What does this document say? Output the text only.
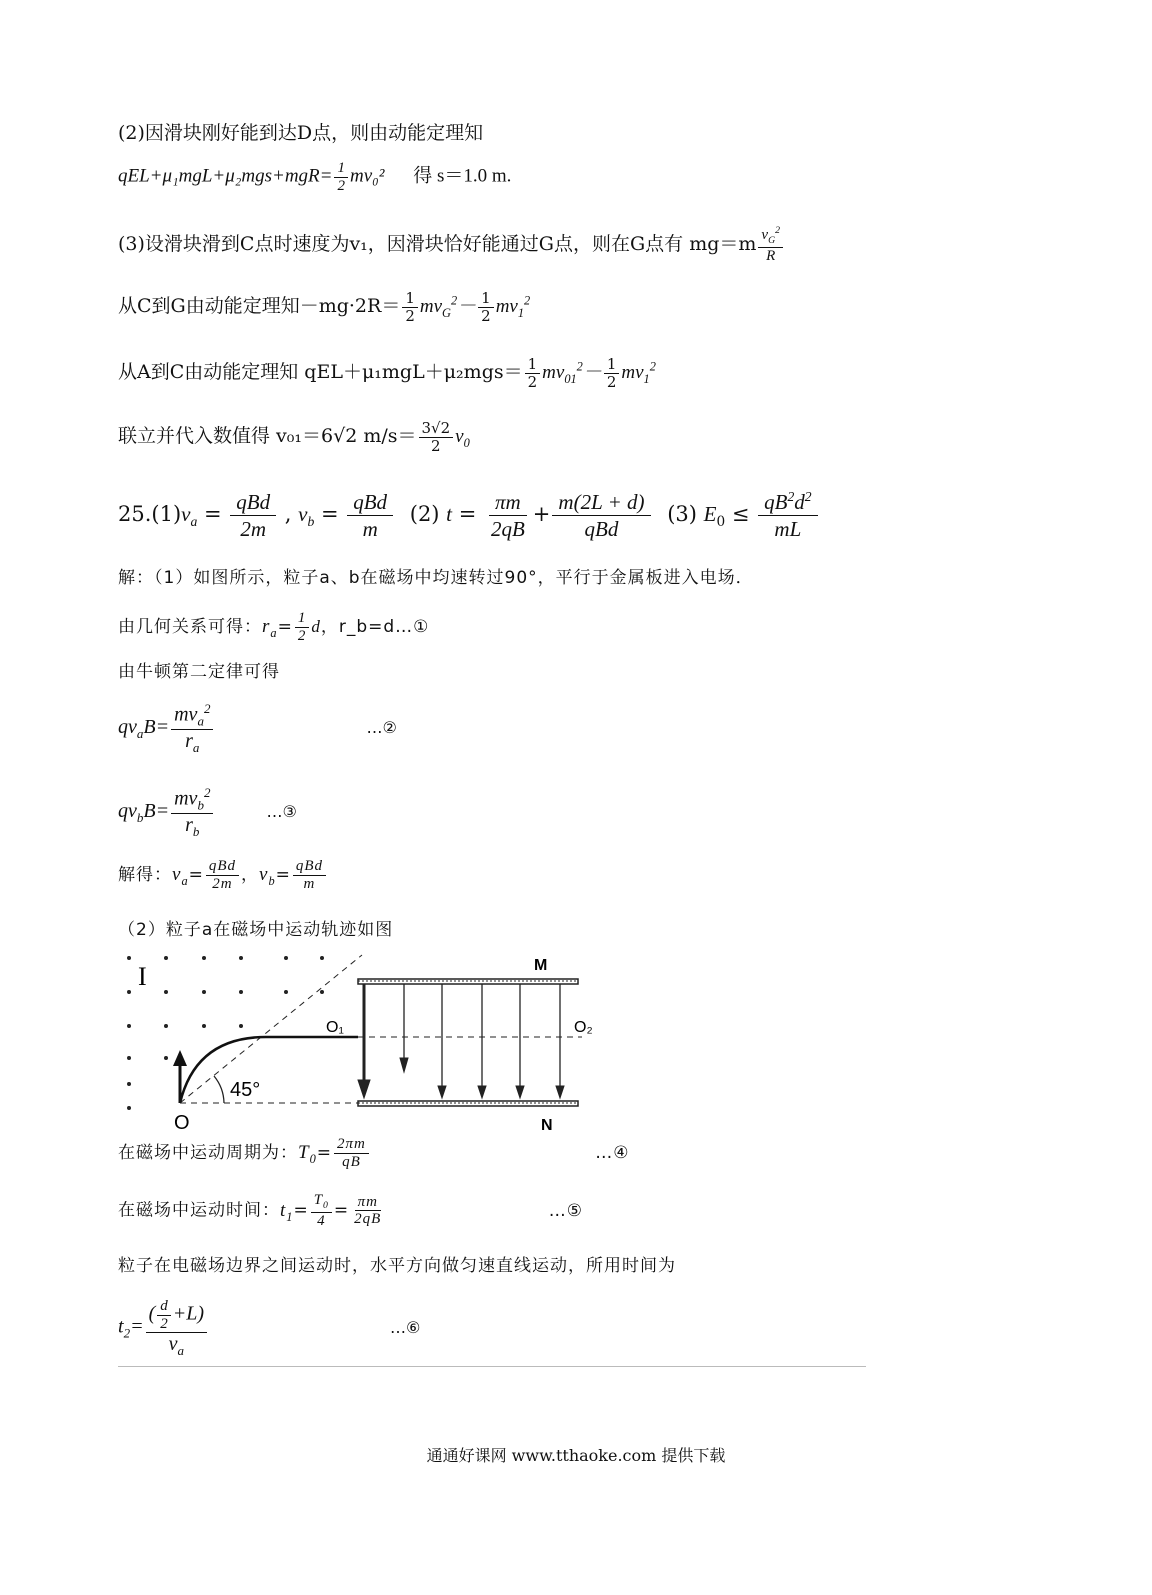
(2)因滑块刚好能到达D点，则由动能定理知
$qEL+\mu_1mgL+\mu_2mgs+mgR= \frac{1}{2} mv_0^2$ 得 s＝1.0 m.
(3)设滑块滑到C点时速度为v₁，因滑块恰好能通过G点，则在G点有 $mg=m \frac{v_G^2}{R}$
从C到G由动能定理知$-mg\cdot 2R= \frac{1}{2} mv_G^2- \frac{1}{2} mv_1^2$
从A到C由动能定理知 $qEL+\mu_1mgL+\mu_2mgs= \frac{1}{2} mv_{01}^2- \frac{1}{2} mv_1^2$
联立并代入数值得 v₀₁＝6√2 $m/s= \frac{3√2}{2} v_0$
$25.(1)v_a = \frac{\text{qBd}}{2m}$ , $v_b = \frac{\text{qBd}}{m} (2) t = \frac{\pi m}{2qB} + \frac{m(2L + d)}{\text{qBd}} (3) E_0 \le \frac{qB^2d^2}{mL}$
解：（1）如图所示，粒子a、b在磁场中均速转过90°，平行于金属板进入电场．
由几何关系可得：$r_a= \frac{1}{2}$ d，r_b=d…①
由牛顿第二定律可得
$qv_aB= \frac{mv_a^2}{r_a}$	…②
$qv_bB= \frac{mv_b^2}{r_b}$	…③
解得：$v_a= \frac{\text{qBd}}{2m}$ ，$v_b= \frac{\text{qBd}}{m}$
（2）粒子a在磁场中运动轨迹如图
I	M
N
45°
O
O₁	O₂
在磁场中运动周期为：$T_0= \frac{2\pi m}{qB}$	…④
在磁场中运动时间：$t_1= \frac{T_0}{4} = \frac{\pi m}{2qB}$	…⑤
粒子在电磁场边界之间运动时，水平方向做匀速直线运动，所用时间为
$t_2= \frac{( \frac{d}{2} +L)}{v_a}$	…⑥
通通好课网 www.tthaoke.com 提供下载
